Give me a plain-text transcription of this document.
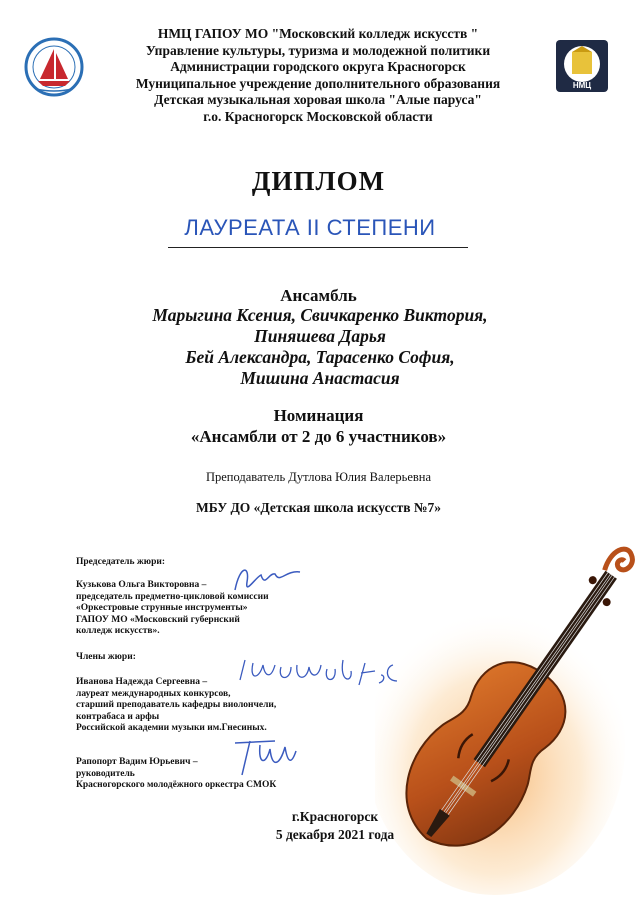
НМЦ
НМЦ ГАПОУ МО "Московский колледж искусств "
Управление культуры, туризма и молодежной политики
Администрации городского округа Красногорск
Муниципальное учреждение дополнительного образования
Детская музыкальная хоровая школа "Алые паруса"
г.о. Красногорск Московской области
ДИПЛОМ
ЛАУРЕАТА II СТЕПЕНИ
Ансамбль
Марыгина Ксения, Свичкаренко Виктория,
Пиняшева Дарья
Бей Александра, Тарасенко София,
Мишина Анастасия
Номинация
«Ансамбли от 2 до 6 участников»
Преподаватель Дутлова Юлия Валерьевна
МБУ ДО «Детская школа искусств №7»
Председатель жюри:
Кузькова Ольга Викторовна –
председатель предметно-цикловой комиссии
«Оркестровые струнные инструменты»
ГАПОУ МО «Московский губернский
колледж искусств».
Члены жюри:
Иванова Надежда Сергеевна –
лауреат международных конкурсов,
старший преподаватель кафедры виолончели,
контрабаса и арфы
Российской академии музыки им.Гнесиных.
Рапопорт Вадим Юрьевич –
руководитель
Красногорского молодёжного оркестра СМОК
г.Красногорск
5 декабря 2021 года
